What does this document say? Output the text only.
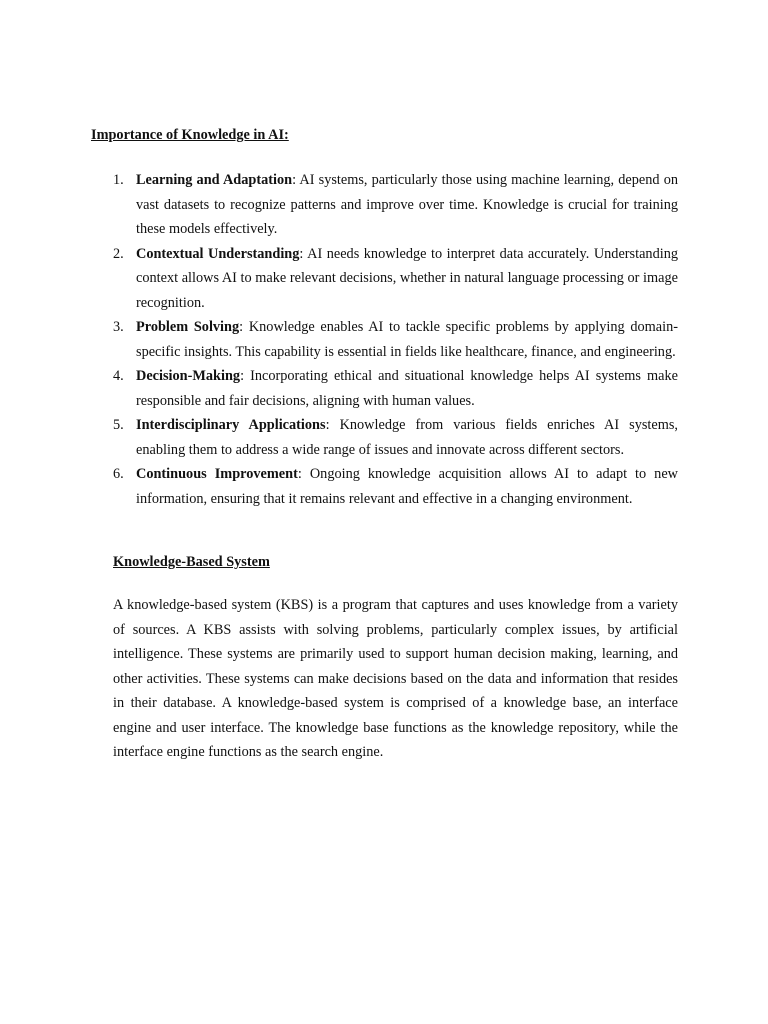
Importance of Knowledge in AI:
1. Learning and Adaptation: AI systems, particularly those using machine learning, depend on vast datasets to recognize patterns and improve over time. Knowledge is crucial for training these models effectively.
2. Contextual Understanding: AI needs knowledge to interpret data accurately. Understanding context allows AI to make relevant decisions, whether in natural language processing or image recognition.
3. Problem Solving: Knowledge enables AI to tackle specific problems by applying domain-specific insights. This capability is essential in fields like healthcare, finance, and engineering.
4. Decision-Making: Incorporating ethical and situational knowledge helps AI systems make responsible and fair decisions, aligning with human values.
5. Interdisciplinary Applications: Knowledge from various fields enriches AI systems, enabling them to address a wide range of issues and innovate across different sectors.
6. Continuous Improvement: Ongoing knowledge acquisition allows AI to adapt to new information, ensuring that it remains relevant and effective in a changing environment.
Knowledge-Based System

A knowledge-based system (KBS) is a program that captures and uses knowledge from a variety of sources. A KBS assists with solving problems, particularly complex issues, by artificial intelligence. These systems are primarily used to support human decision making, learning, and other activities. These systems can make decisions based on the data and information that resides in their database. A knowledge-based system is comprised of a knowledge base, an interface engine and user interface. The knowledge base functions as the knowledge repository, while the interface engine functions as the search engine.
